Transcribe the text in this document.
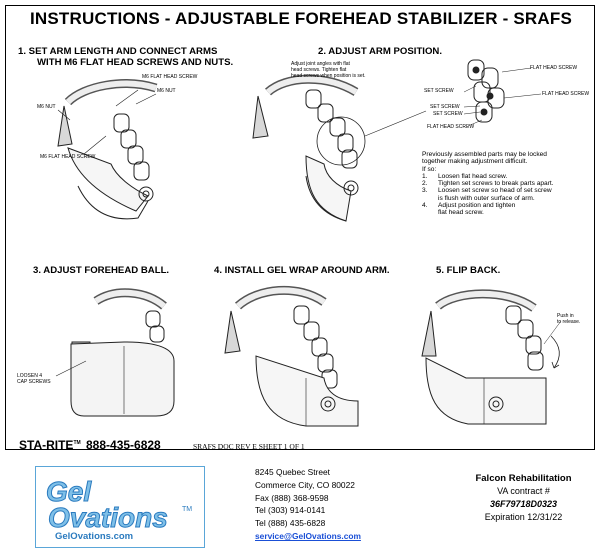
INSTRUCTIONS - ADJUSTABLE FOREHEAD STABILIZER - SRAFS
1. SET ARM LENGTH AND CONNECT ARMS
WITH M6 FLAT HEAD SCREWS AND NUTS.
2. ADJUST ARM POSITION.
3. ADJUST FOREHEAD BALL.	4. INSTALL GEL WRAP AROUND ARM.	5. FLIP BACK.
M6 FLAT HEAD SCREW
M6 NUT
M6 NUT
M6 FLAT HEAD SCREW
Adjust joint angles with flat
head screws. Tighten flat
head screws when position is set.
FLAT HEAD SCREW
SET SCREW	FLAT HEAD SCREW
SET SCREW
SET SCREW
FLAT HEAD SCREW
Previously assembled parts may be locked
together making adjustment difficult.
If so:
1.	Loosen flat head screw.
2.	Tighten set screws to break parts apart.
3.	Loosen set screw so head of set screw
is flush with outer surface of arm.
4.	Adjust position and tighten
flat head screw.
LOOSEN 4
CAP SCREWS
Push in
to release.
STA-RITE™ 888-435-6828	SRAFS DOC REV E SHEET 1 OF 1
Gel
Ovations TM
GelOvations.com
8245 Quebec Street
Commerce City, CO 80022
Fax (888) 368-9598
Tel (303) 914-0141
Tel (888) 435-6828
service@GelOvations.com
Falcon Rehabilitation
VA contract #
36F79718D0323
Expiration 12/31/22
